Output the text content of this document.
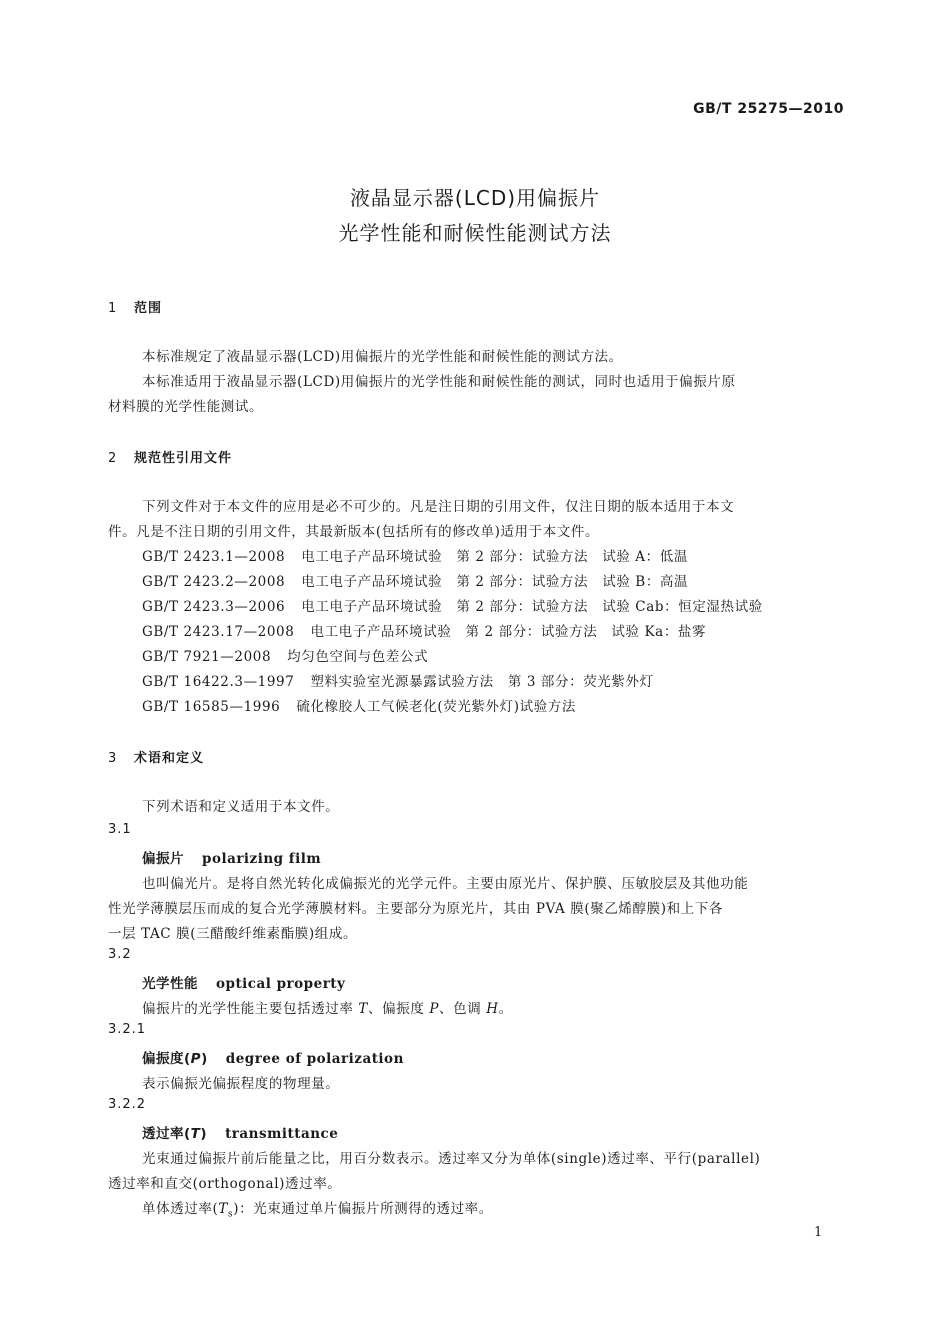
GB/T 25275—2010
液晶显示器(LCD)用偏振片
光学性能和耐候性能测试方法
1 范围
本标准规定了液晶显示器(LCD)用偏振片的光学性能和耐候性能的测试方法。
本标准适用于液晶显示器(LCD)用偏振片的光学性能和耐候性能的测试，同时也适用于偏振片原
材料膜的光学性能测试。
2 规范性引用文件
下列文件对于本文件的应用是必不可少的。凡是注日期的引用文件，仅注日期的版本适用于本文
件。凡是不注日期的引用文件，其最新版本(包括所有的修改单)适用于本文件。
GB/T 2423.1—2008 电工电子产品环境试验　第 2 部分：试验方法　试验 A：低温
GB/T 2423.2—2008 电工电子产品环境试验　第 2 部分：试验方法　试验 B：高温
GB/T 2423.3—2006 电工电子产品环境试验　第 2 部分：试验方法　试验 Cab：恒定湿热试验
GB/T 2423.17—2008 电工电子产品环境试验　第 2 部分：试验方法　试验 Ka：盐雾
GB/T 7921—2008 均匀色空间与色差公式
GB/T 16422.3—1997 塑料实验室光源暴露试验方法　第 3 部分：荧光紫外灯
GB/T 16585—1996 硫化橡胶人工气候老化(荧光紫外灯)试验方法
3 术语和定义
下列术语和定义适用于本文件。
3.1
偏振片 polarizing film
也叫偏光片。是将自然光转化成偏振光的光学元件。主要由原光片、保护膜、压敏胶层及其他功能
性光学薄膜层压而成的复合光学薄膜材料。主要部分为原光片，其由 PVA 膜(聚乙烯醇膜)和上下各
一层 TAC 膜(三醋酸纤维素酯膜)组成。
3.2
光学性能 optical property
偏振片的光学性能主要包括透过率 T、偏振度 P、色调 H。
3.2.1
偏振度(P) degree of polarization
表示偏振光偏振程度的物理量。
3.2.2
透过率(T) transmittance
光束通过偏振片前后能量之比，用百分数表示。透过率又分为单体(single)透过率、平行(parallel)
透过率和直交(orthogonal)透过率。
单体透过率$(T_s)$：光束通过单片偏振片所测得的透过率。
1
